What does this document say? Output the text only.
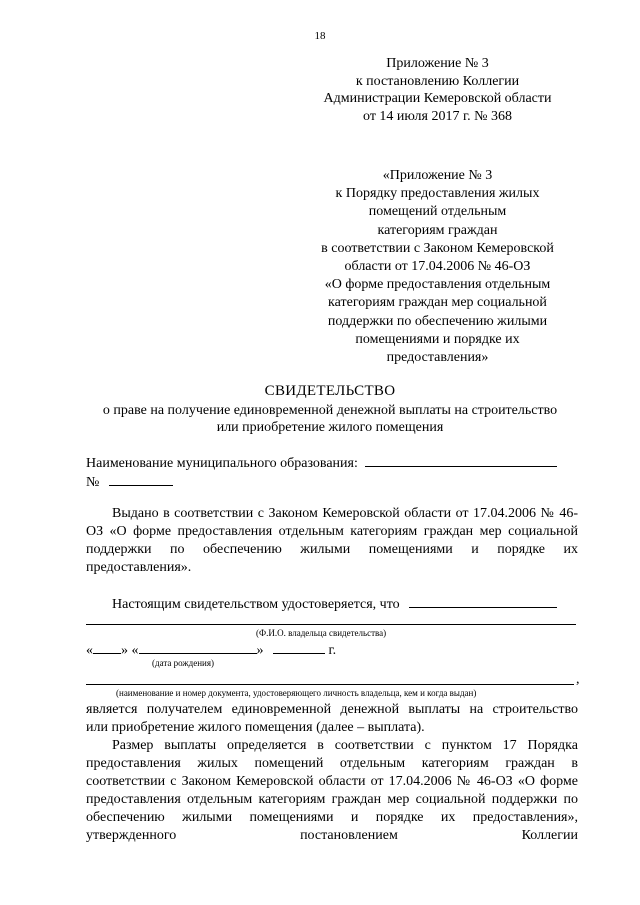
18
Приложение № 3
к постановлению Коллегии
Администрации Кемеровской области
от 14 июля 2017 г. № 368
«Приложение № 3
к Порядку предоставления жилых
помещений отдельным
категориям граждан
в соответствии с Законом Кемеровской
области от 17.04.2006 № 46-ОЗ
«О форме предоставления отдельным
категориям граждан мер социальной
поддержки по обеспечению жилыми
помещениями и порядке их
предоставления»
СВИДЕТЕЛЬСТВО
о праве на получение единовременной денежной выплаты на строительство
или приобретение жилого помещения
Наименование муниципального образования:
№
Выдано в соответствии с Законом Кемеровской области от 17.04.2006 № 46-ОЗ «О форме предоставления отдельным категориям граждан мер социальной поддержки по обеспечению жилыми помещениями и порядке их предоставления».
Настоящим свидетельством удостоверяется, что
(Ф.И.О. владельца свидетельства)
« » «	»	г.
(дата рождения)
,
(наименование и номер документа, удостоверяющего личность владельца, кем и когда выдан)
является получателем единовременной денежной выплаты на строительство
или приобретение жилого помещения (далее – выплата).
Размер выплаты определяется в соответствии с пунктом 17 Порядка предоставления жилых помещений отдельным категориям граждан в соответствии с Законом Кемеровской области от 17.04.2006 № 46-ОЗ «О форме предоставления отдельным категориям граждан мер социальной поддержки по обеспечению жилыми помещениями и порядке их предоставления», утвержденного постановлением Коллегии
